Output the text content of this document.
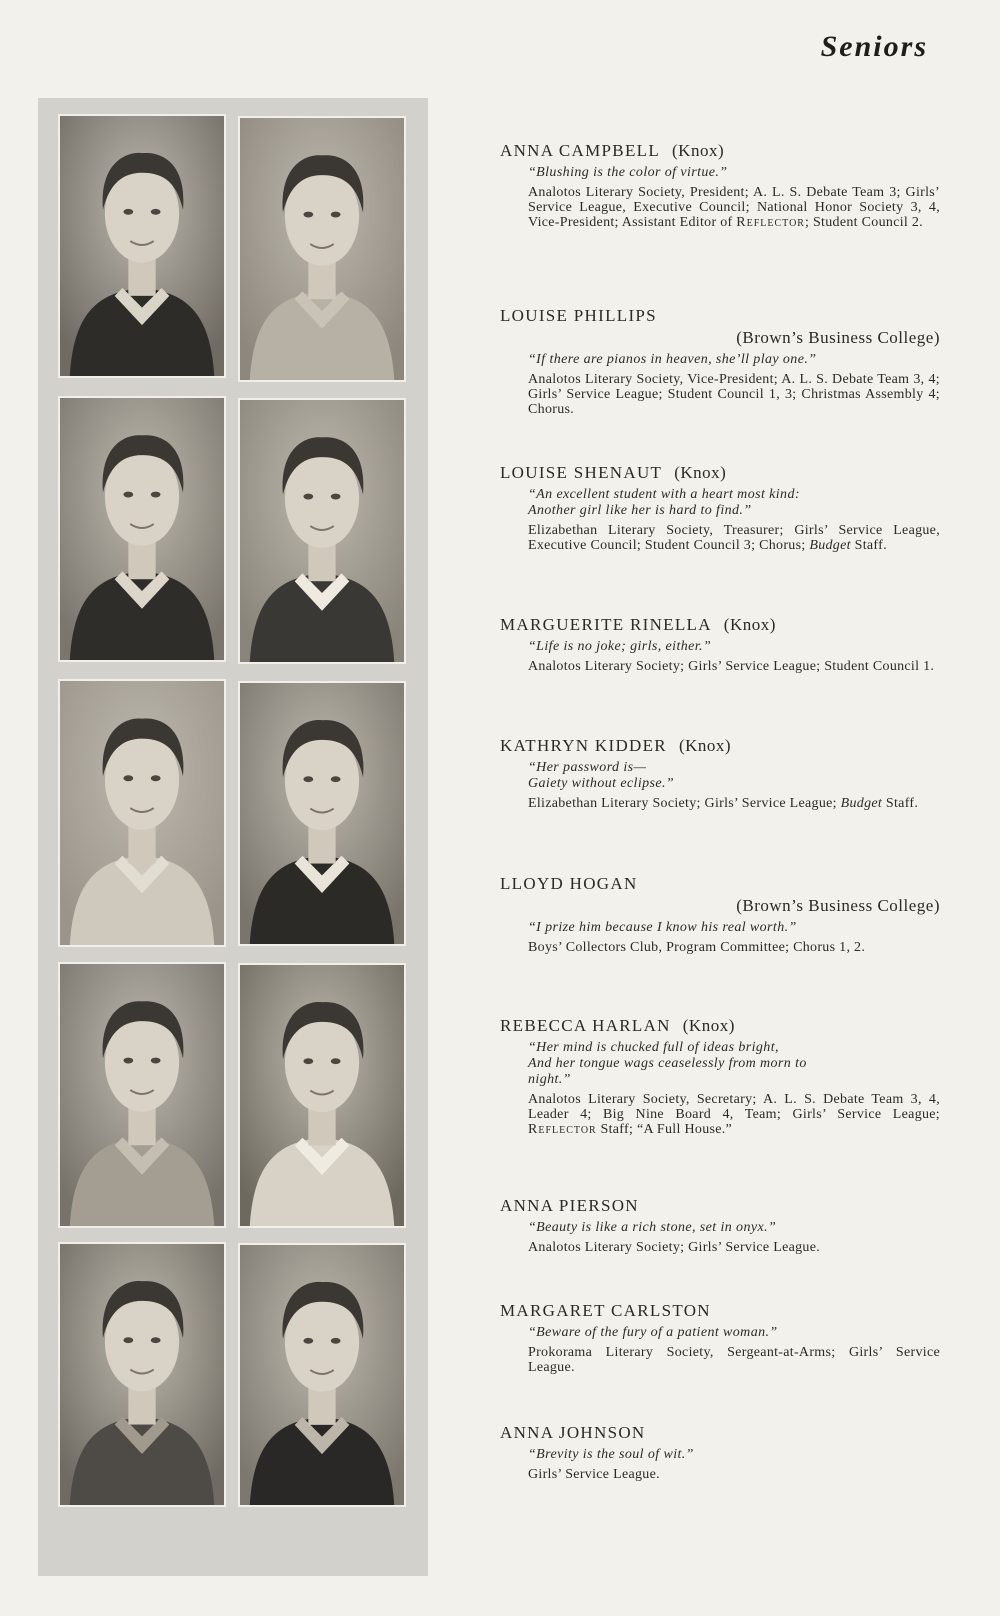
Seniors
ANNA CAMPBELL (Knox)
“Blushing is the color of virtue.”
Analotos Literary Society, President; A. L. S. Debate Team 3; Girls’ Service League, Executive Council; National Honor Society 3, 4, Vice-President; Assistant Editor of Reflector; Student Council 2.
LOUISE PHILLIPS
(Brown’s Business College)
“If there are pianos in heaven, she’ll play one.”
Analotos Literary Society, Vice-President; A. L. S. Debate Team 3, 4; Girls’ Service League; Student Council 1, 3; Christmas Assembly 4; Chorus.
LOUISE SHENAUT (Knox)
“An excellent student with a heart most kind:
Another girl like her is hard to find.”
Elizabethan Literary Society, Treasurer; Girls’ Service League, Executive Council; Student Council 3; Chorus; Budget Staff.
MARGUERITE RINELLA (Knox)
“Life is no joke; girls, either.”
Analotos Literary Society; Girls’ Service League; Student Council 1.
KATHRYN KIDDER (Knox)
“Her password is—
Gaiety without eclipse.”
Elizabethan Literary Society; Girls’ Service League; Budget Staff.
LLOYD HOGAN
(Brown’s Business College)
“I prize him because I know his real worth.”
Boys’ Collectors Club, Program Committee; Chorus 1, 2.
REBECCA HARLAN (Knox)
“Her mind is chucked full of ideas bright,
And her tongue wags ceaselessly from morn to
night.”
Analotos Literary Society, Secretary; A. L. S. Debate Team 3, 4, Leader 4; Big Nine Board 4, Team; Girls’ Service League; Reflector Staff; “A Full House.”
ANNA PIERSON
“Beauty is like a rich stone, set in onyx.”
Analotos Literary Society; Girls’ Service League.
MARGARET CARLSTON
“Beware of the fury of a patient woman.”
Prokorama Literary Society, Sergeant-at-Arms; Girls’ Service League.
ANNA JOHNSON
“Brevity is the soul of wit.”
Girls’ Service League.
